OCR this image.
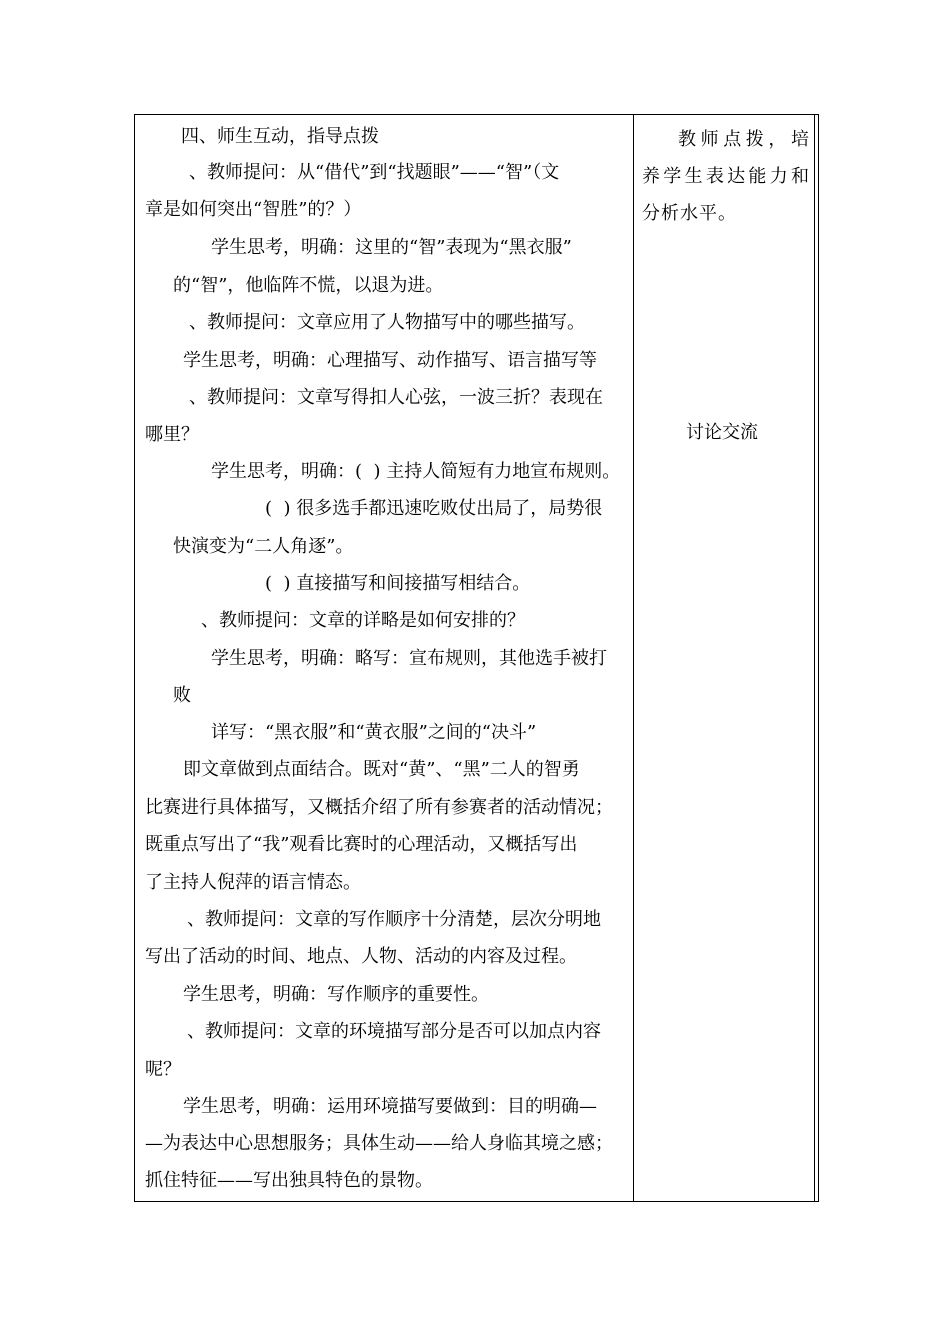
四、师生互动，指导点拨
、教师提问：从“借代”到“找题眼”——“智”（文
章是如何突出“智胜”的？）
学生思考，明确：这里的“智”表现为“黑衣服”
的“智”，他临阵不慌，以退为进。
、教师提问：文章应用了人物描写中的哪些描写。
学生思考，明确：心理描写、动作描写、语言描写等
、教师提问：文章写得扣人心弦，一波三折？表现在
哪里？
学生思考，明确：(  ) 主持人简短有力地宣布规则。
(  ) 很多选手都迅速吃败仗出局了，局势很
快演变为“二人角逐”。
(  ) 直接描写和间接描写相结合。
、教师提问：文章的详略是如何安排的？
学生思考，明确：略写：宣布规则，其他选手被打
败
详写：“黑衣服”和“黄衣服”之间的“决斗”
即文章做到点面结合。既对“黄”、“黑”二人的智勇
比赛进行具体描写，又概括介绍了所有参赛者的活动情况；
既重点写出了“我”观看比赛时的心理活动，又概括写出
了主持人倪萍的语言情态。
、教师提问：文章的写作顺序十分清楚，层次分明地
写出了活动的时间、地点、人物、活动的内容及过程。
学生思考，明确：写作顺序的重要性。
、教师提问：文章的环境描写部分是否可以加点内容
呢？
学生思考，明确：运用环境描写要做到：目的明确—
—为表达中心思想服务；具体生动——给人身临其境之感；
抓住特征——写出独具特色的景物。
教师点拨，培养学生表达能力和分析水平。
讨论交流
